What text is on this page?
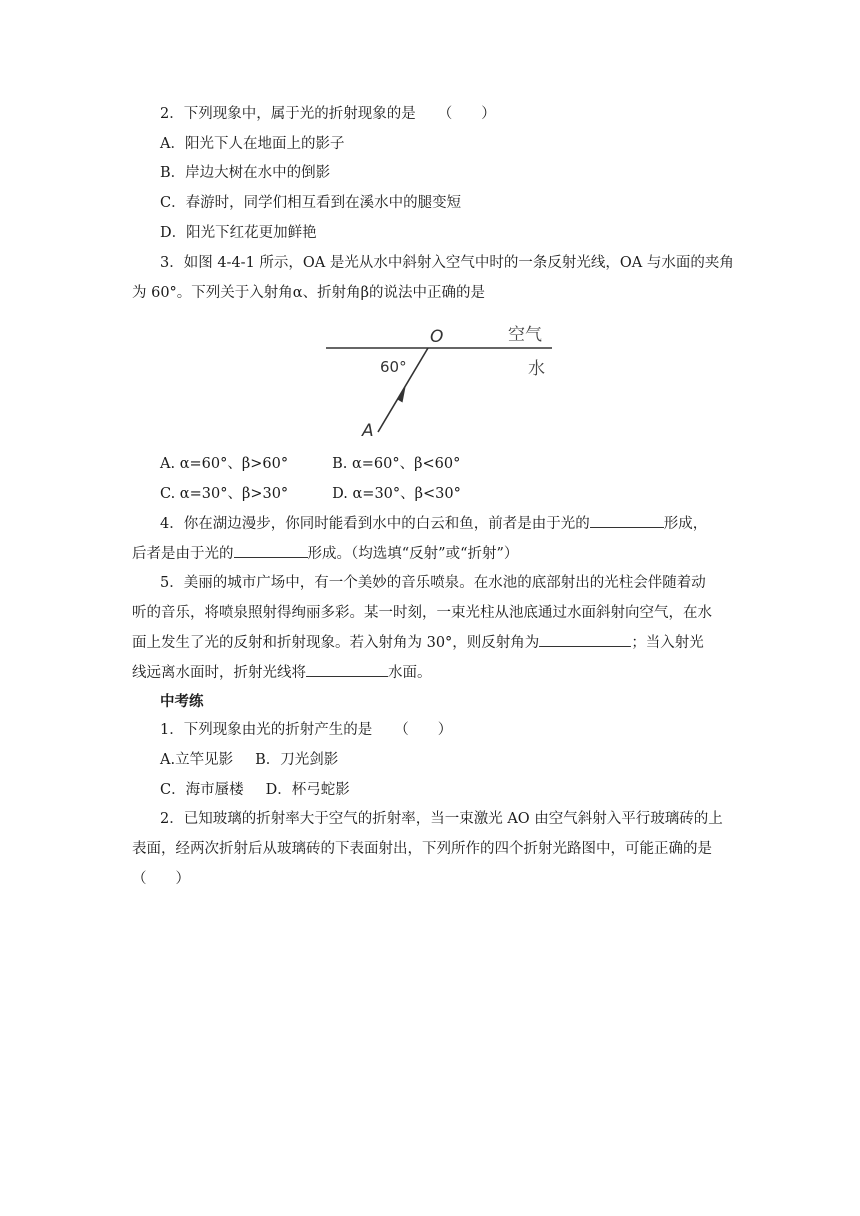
2．下列现象中，属于光的折射现象的是 （　　）

A．阳光下人在地面上的影子

B．岸边大树在水中的倒影

C．春游时，同学们相互看到在溪水中的腿变短

D．阳光下红花更加鲜艳

3．如图 4-4-1 所示，OA 是光从水中斜射入空气中时的一条反射光线，OA 与水面的夹角

为 60°。下列关于入射角α、折射角β的说法中正确的是

O	空气
60°	水
A

A. α=60°、β>60°	B. α=60°、β<60°

C. α=30°、β>30°	D. α=30°、β<30°

4．你在湖边漫步，你同时能看到水中的白云和鱼，前者是由于光的	形成，

后者是由于光的	形成。（均选填“反射”或“折射”）

5．美丽的城市广场中，有一个美妙的音乐喷泉。在水池的底部射出的光柱会伴随着动

听的音乐，将喷泉照射得绚丽多彩。某一时刻，一束光柱从池底通过水面斜射向空气，在水

面上发生了光的反射和折射现象。若入射角为 30°，则反射角为	；当入射光

线远离水面时，折射光线将	水面。

中考练

1．下列现象由光的折射产生的是 （　　）

A.立竿见影 B．刀光剑影

C．海市蜃楼 D．杯弓蛇影

2．已知玻璃的折射率大于空气的折射率，当一束激光 AO 由空气斜射入平行玻璃砖的上

表面，经两次折射后从玻璃砖的下表面射出，下列所作的四个折射光路图中，可能正确的是

（　　）
